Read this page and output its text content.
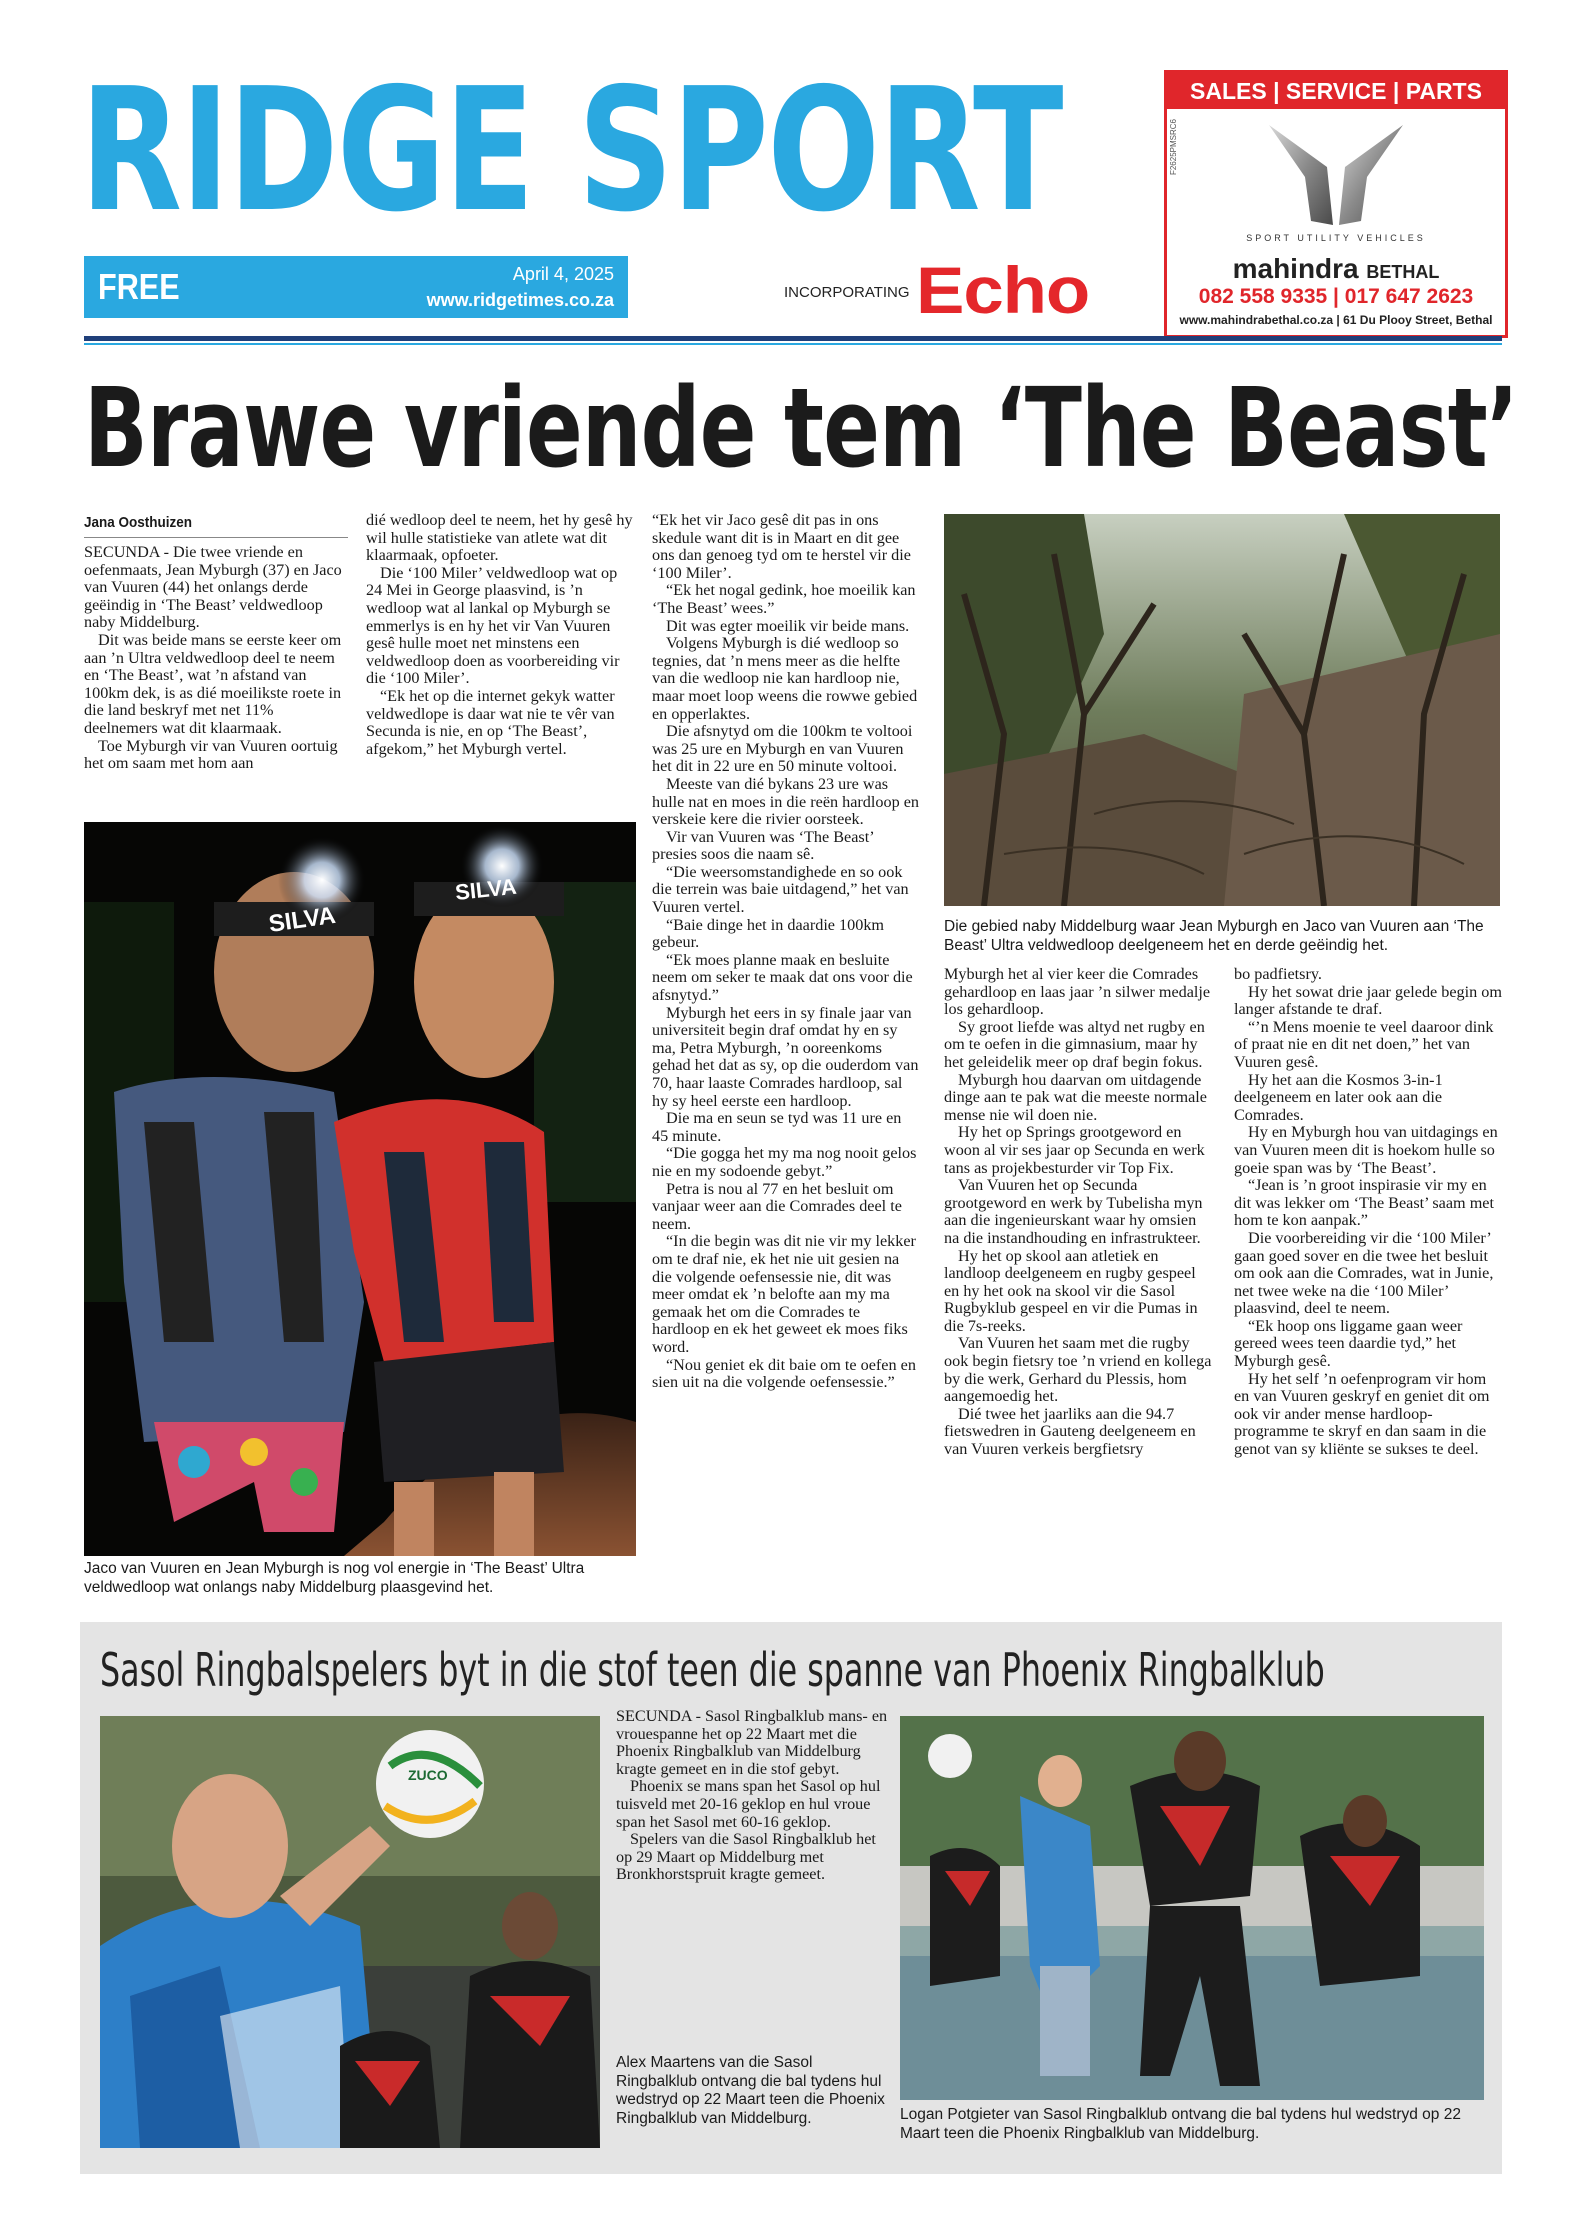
RIDGE SPORT
FREE	April 4, 2025
www.ridgetimes.co.za	INCORPORATING Echo
SALES | SERVICE | PARTS
F2625PMSRC6
SPORT UTILITY VEHICLES
mahindra BETHAL
082 558 9335 | 017 647 2623
www.mahindrabethal.co.za | 61 Du Plooy Street, Bethal
Brawe vriende tem ‘The Beast’
Jana Oosthuizen

SECUNDA - Die twee vriende en oefenmaats, Jean Myburgh (37) en Jaco van Vuuren (44) het onlangs derde geëindig in ‘The Beast’ veldwedloop naby Middelburg.

Dit was beide mans se eerste keer om aan ’n Ultra veldwedloop deel te neem en ‘The Beast’, wat ’n afstand van 100km dek, is as dié moeilikste roete in die land beskryf met net 11% deelnemers wat dit klaarmaak.

Toe Myburgh vir van Vuuren oortuig het om saam met hom aan

dié wedloop deel te neem, het hy gesê hy wil hulle statistieke van atlete wat dit klaarmaak, opfoeter.

Die ‘100 Miler’ veldwedloop wat op 24 Mei in George plaasvind, is ’n wedloop wat al lankal op Myburgh se emmerlys is en hy het vir Van Vuuren gesê hulle moet net minstens een veldwedloop doen as voorbereiding vir die ‘100 Miler’.

“Ek het op die internet gekyk watter veldwedlope is daar wat nie te vêr van Secunda is nie, en op ‘The Beast’, afgekom,” het Myburgh vertel.

SILVA
SILVA
Jaco van Vuuren en Jean Myburgh is nog vol energie in ‘The Beast’ Ultra veldwedloop wat onlangs naby Middelburg plaasgevind het.

“Ek het vir Jaco gesê dit pas in ons skedule want dit is in Maart en dit gee ons dan genoeg tyd om te herstel vir die ‘100 Miler’.

“Ek het nogal gedink, hoe moeilik kan ‘The Beast’ wees.”

Dit was egter moeilik vir beide mans.

Volgens Myburgh is dié wedloop so tegnies, dat ’n mens meer as die helfte van die wedloop nie kan hardloop nie, maar moet loop weens die rowwe gebied en opperlaktes.

Die afsnytyd om die 100km te voltooi was 25 ure en Myburgh en van Vuuren het dit in 22 ure en 50 minute voltooi.

Meeste van dié bykans 23 ure was hulle nat en moes in die reën hardloop en verskeie kere die rivier oorsteek.

Vir van Vuuren was ‘The Beast’ presies soos die naam sê.

“Die weersomstandighede en so ook die terrein was baie uitdagend,” het van Vuuren vertel.

“Baie dinge het in daardie 100km gebeur.

“Ek moes planne maak en besluite neem om seker te maak dat ons voor die afsnytyd.”

Myburgh het eers in sy finale jaar van universiteit begin draf omdat hy en sy ma, Petra Myburgh, ’n ooreenkoms gehad het dat as sy, op die ouderdom van 70, haar laaste Comrades hardloop, sal hy sy heel eerste een hardloop.

Die ma en seun se tyd was 11 ure en 45 minute.

“Die gogga het my ma nog nooit gelos nie en my sodoende gebyt.”

Petra is nou al 77 en het besluit om vanjaar weer aan die Comrades deel te neem.

“In die begin was dit nie vir my lekker om te draf nie, ek het nie uit gesien na die volgende oefensessie nie, dit was meer omdat ek ’n belofte aan my ma gemaak het om die Comrades te hardloop en ek het geweet ek moes fiks word.

“Nou geniet ek dit baie om te oefen en sien uit na die volgende oefensessie.”

Die gebied naby Middelburg waar Jean Myburgh en Jaco van Vuuren aan ‘The Beast’ Ultra veldwedloop deelgeneem het en derde geëindig het.

Myburgh het al vier keer die Comrades gehardloop en laas jaar ’n silwer medalje los gehardloop.

Sy groot liefde was altyd net rugby en om te oefen in die gimnasium, maar hy het geleidelik meer op draf begin fokus.

Myburgh hou daarvan om uitdagende dinge aan te pak wat die meeste normale mense nie wil doen nie.

Hy het op Springs grootgeword en woon al vir ses jaar op Secunda en werk tans as projekbesturder vir Top Fix.

Van Vuuren het op Secunda grootgeword en werk by Tubelisha myn aan die ingenieurskant waar hy omsien na die instandhouding en infrastrukteer.

Hy het op skool aan atletiek en landloop deelgeneem en rugby gespeel en hy het ook na skool vir die Sasol Rugbyklub gespeel en vir die Pumas in die 7s-reeks.

Van Vuuren het saam met die rugby ook begin fietsry toe ’n vriend en kollega by die werk, Gerhard du Plessis, hom aangemoedig het.

Dié twee het jaarliks aan die 94.7 fietswedren in Gauteng deelgeneem en van Vuuren verkeis bergfietsry

bo padfietsry.

Hy het sowat drie jaar gelede begin om langer afstande te draf.

“’n Mens moenie te veel daaroor dink of praat nie en dit net doen,” het van Vuuren gesê.

Hy het aan die Kosmos 3-in-1 deelgeneem en later ook aan die Comrades.

Hy en Myburgh hou van uitdagings en van Vuuren meen dit is hoekom hulle so goeie span was by ‘The Beast’.

“Jean is ’n groot inspirasie vir my en dit was lekker om ‘The Beast’ saam met hom te kon aanpak.”

Die voorbereiding vir die ‘100 Miler’ gaan goed sover en die twee het besluit om ook aan die Comrades, wat in Junie, net twee weke na die ‘100 Miler’ plaasvind, deel te neem.

“Ek hoop ons liggame gaan weer gereed wees teen daardie tyd,” het Myburgh gesê.

Hy het self ’n oefenprogram vir hom en van Vuuren geskryf en geniet dit om ook vir ander mense hardloop-programme te skryf en dan saam in die genot van sy kliënte se sukses te deel.

Sasol Ringbalspelers byt in die stof teen die spanne van Phoenix Ringbalklub
ZUCO

SECUNDA - Sasol Ringbalklub mans- en vrouespanne het op 22 Maart met die Phoenix Ringbalklub van Middelburg kragte gemeet en in die stof gebyt.

Phoenix se mans span het Sasol op hul tuisveld met 20-16 geklop en hul vroue span het Sasol met 60-16 geklop.

Spelers van die Sasol Ringbalklub het op 29 Maart op Middelburg met Bronkhorstspruit kragte gemeet.

Alex Maartens van die Sasol Ringbalklub ontvang die bal tydens hul wedstryd op 22 Maart teen die Phoenix Ringbalklub van Middelburg.	Logan Potgieter van Sasol Ringbalklub ontvang die bal tydens hul wedstryd op 22 Maart teen die Phoenix Ringbalklub van Middelburg.
